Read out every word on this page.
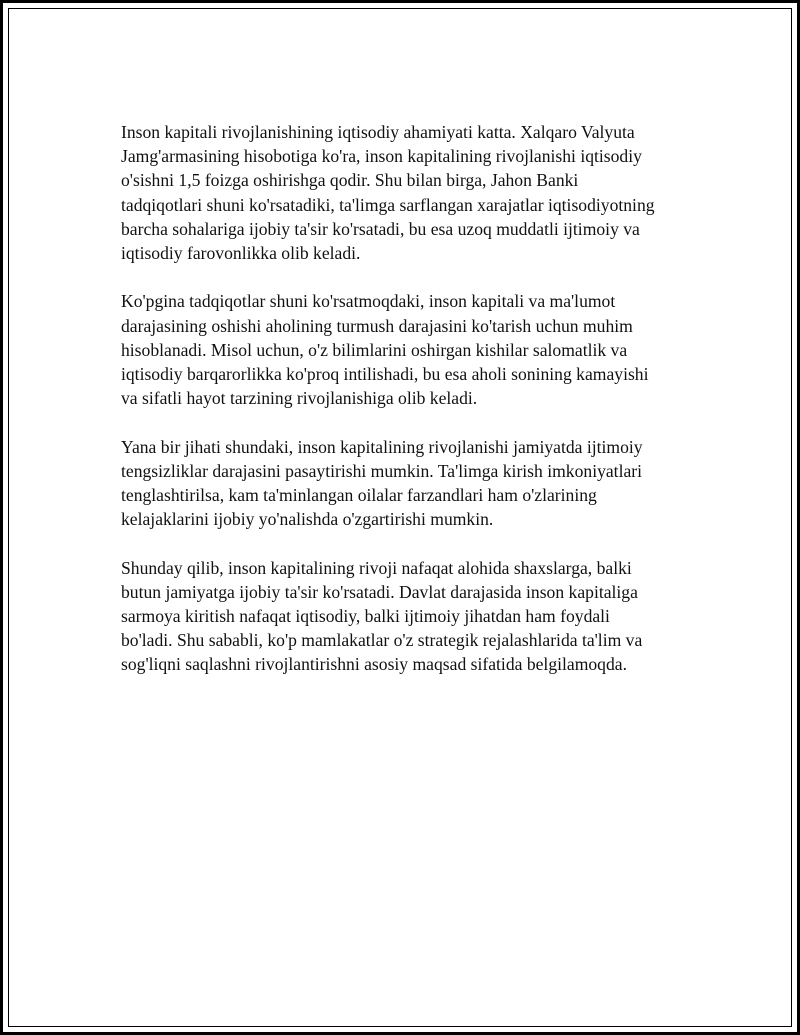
Inson kapitali rivojlanishining iqtisodiy ahamiyati katta. Xalqaro Valyuta
Jamg'armasining hisobotiga ko'ra, inson kapitalining rivojlanishi iqtisodiy
o'sishni 1,5 foizga oshirishga qodir. Shu bilan birga, Jahon Banki
tadqiqotlari shuni ko'rsatadiki, ta'limga sarflangan xarajatlar iqtisodiyotning
barcha sohalariga ijobiy ta'sir ko'rsatadi, bu esa uzoq muddatli ijtimoiy va
iqtisodiy farovonlikka olib keladi.

Ko'pgina tadqiqotlar shuni ko'rsatmoqdaki, inson kapitali va ma'lumot
darajasining oshishi aholining turmush darajasini ko'tarish uchun muhim
hisoblanadi. Misol uchun, o'z bilimlarini oshirgan kishilar salomatlik va
iqtisodiy barqarorlikka ko'proq intilishadi, bu esa aholi sonining kamayishi
va sifatli hayot tarzining rivojlanishiga olib keladi.

Yana bir jihati shundaki, inson kapitalining rivojlanishi jamiyatda ijtimoiy
tengsizliklar darajasini pasaytirishi mumkin. Ta'limga kirish imkoniyatlari
tenglashtirilsa, kam ta'minlangan oilalar farzandlari ham o'zlarining
kelajaklarini ijobiy yo'nalishda o'zgartirishi mumkin.

Shunday qilib, inson kapitalining rivoji nafaqat alohida shaxslarga, balki
butun jamiyatga ijobiy ta'sir ko'rsatadi. Davlat darajasida inson kapitaliga
sarmoya kiritish nafaqat iqtisodiy, balki ijtimoiy jihatdan ham foydali
bo'ladi. Shu sababli, ko'p mamlakatlar o'z strategik rejalashlarida ta'lim va
sog'liqni saqlashni rivojlantirishni asosiy maqsad sifatida belgilamoqda.
